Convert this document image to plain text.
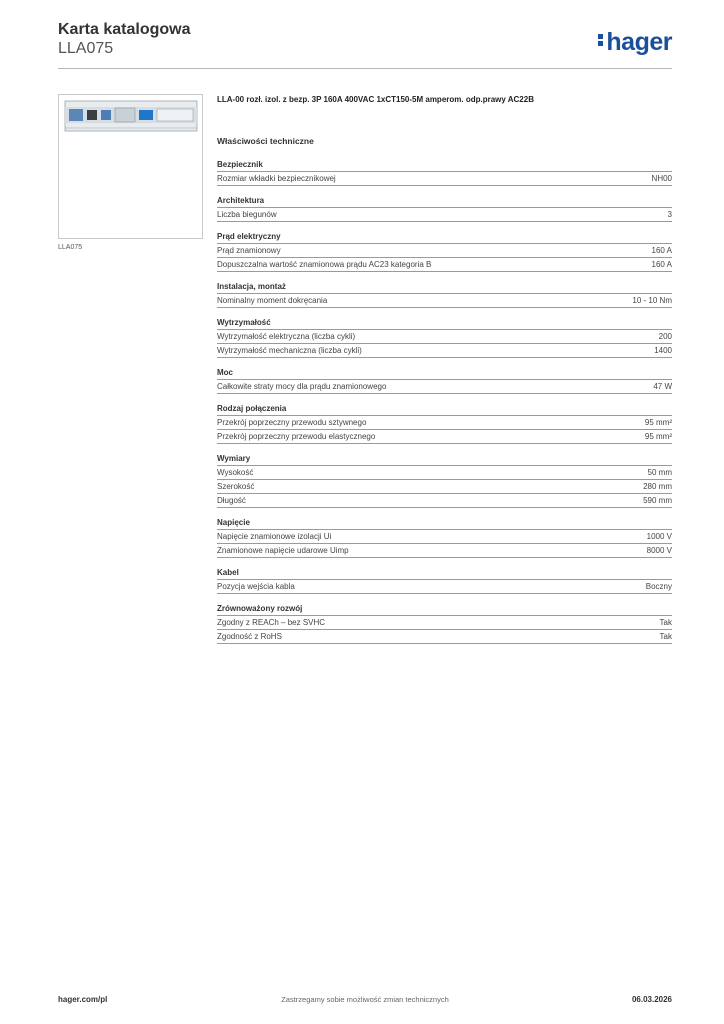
Karta katalogowa
LLA075	hager
LLA075
LLA-00 rozł. izol. z bezp. 3P 160A 400VAC 1xCT150-5M amperom. odp.prawy AC22B
Właściwości techniczne
Bezpiecznik
Rozmiar wkładki bezpiecznikowej	NH00
Architektura
Liczba biegunów	3
Prąd elektryczny
Prąd znamionowy	160 A
Dopuszczalna wartość znamionowa prądu AC23 kategoria B	160 A
Instalacja, montaż
Nominalny moment dokręcania	10 - 10 Nm
Wytrzymałość
Wytrzymałość elektryczna (liczba cykli)	200
Wytrzymałość mechaniczna (liczba cykli)	1400
Moc
Całkowite straty mocy dla prądu znamionowego	47 W
Rodzaj połączenia
Przekrój poprzeczny przewodu sztywnego	95 mm²
Przekrój poprzeczny przewodu elastycznego	95 mm²
Wymiary
Wysokość	50 mm
Szerokość	280 mm
Długość	590 mm
Napięcie
Napięcie znamionowe izolacji Ui	1000 V
Znamionowe napięcie udarowe Uimp	8000 V
Kabel
Pozycja wejścia kabla	Boczny
Zrównoważony rozwój
Zgodny z REACh – bez SVHC	Tak
Zgodność z RoHS	Tak
Zastrzegamy sobie możliwość zmian technicznych
hager.com/pl	06.03.2026
